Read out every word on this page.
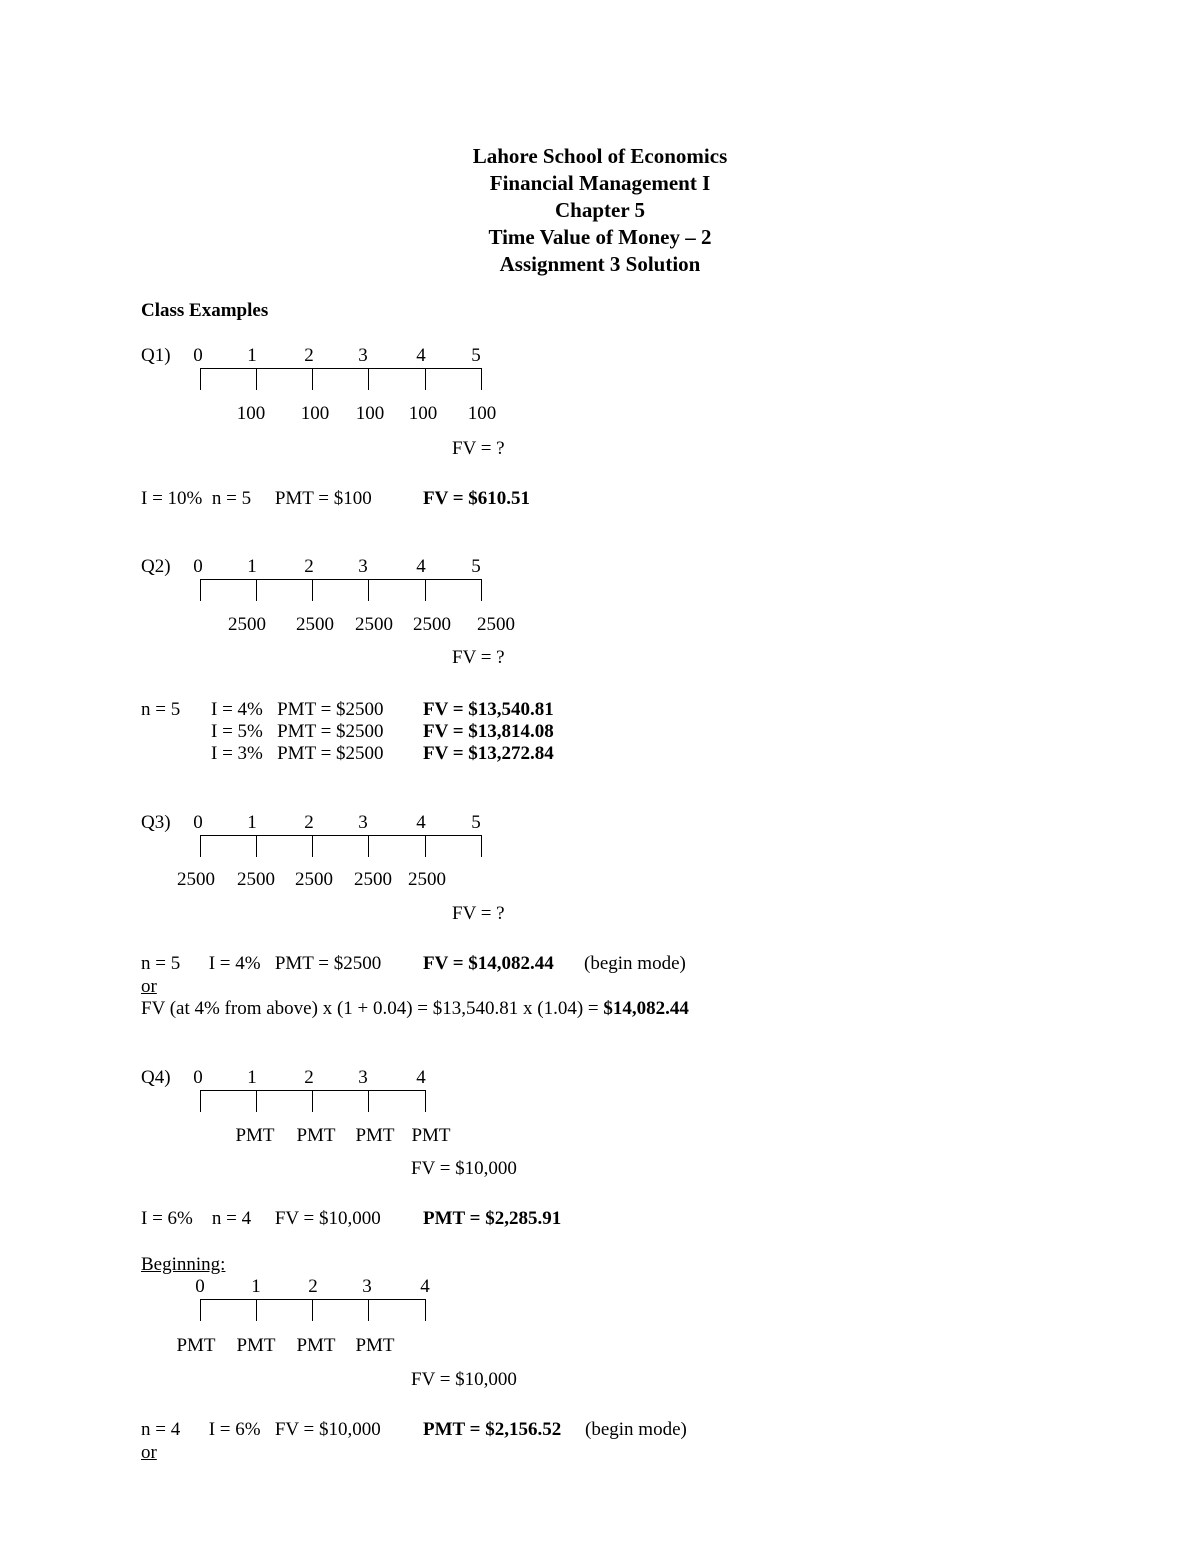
Lahore School of Economics
Financial Management I
Chapter 5
Time Value of Money – 2
Assignment 3 Solution
Class Examples
Q1) 0 1	2 3	4 5
100 100 100 100 100
FV = ?
I = 10%  n = 5     PMT = $100	FV = $610.51
Q2) 0 1	2 3	4 5
2500 2500 2500 2500 2500
FV = ?
n = 5 I = 4%   PMT = $2500 FV = $13,540.81
I = 5%   PMT = $2500 FV = $13,814.08
I = 3%   PMT = $2500 FV = $13,272.84
Q3) 0 1	2 3	4 5
2500 2500 2500 2500 2500
FV = ?
n = 5      I = 4%   PMT = $2500 FV = $14,082.44 (begin mode)
or
FV (at 4% from above) x (1 + 0.04) = $13,540.81 x (1.04) = $14,082.44
Q4) 0 1	2 3	4
PMT PMT PMT PMT
FV = $10,000
I = 6%    n = 4     FV = $10,000 PMT = $2,285.91
Beginning:
0 1	2 3	4
PMT PMT PMT PMT
FV = $10,000
n = 4      I = 6%   FV = $10,000 PMT = $2,156.52 (begin mode)
or
